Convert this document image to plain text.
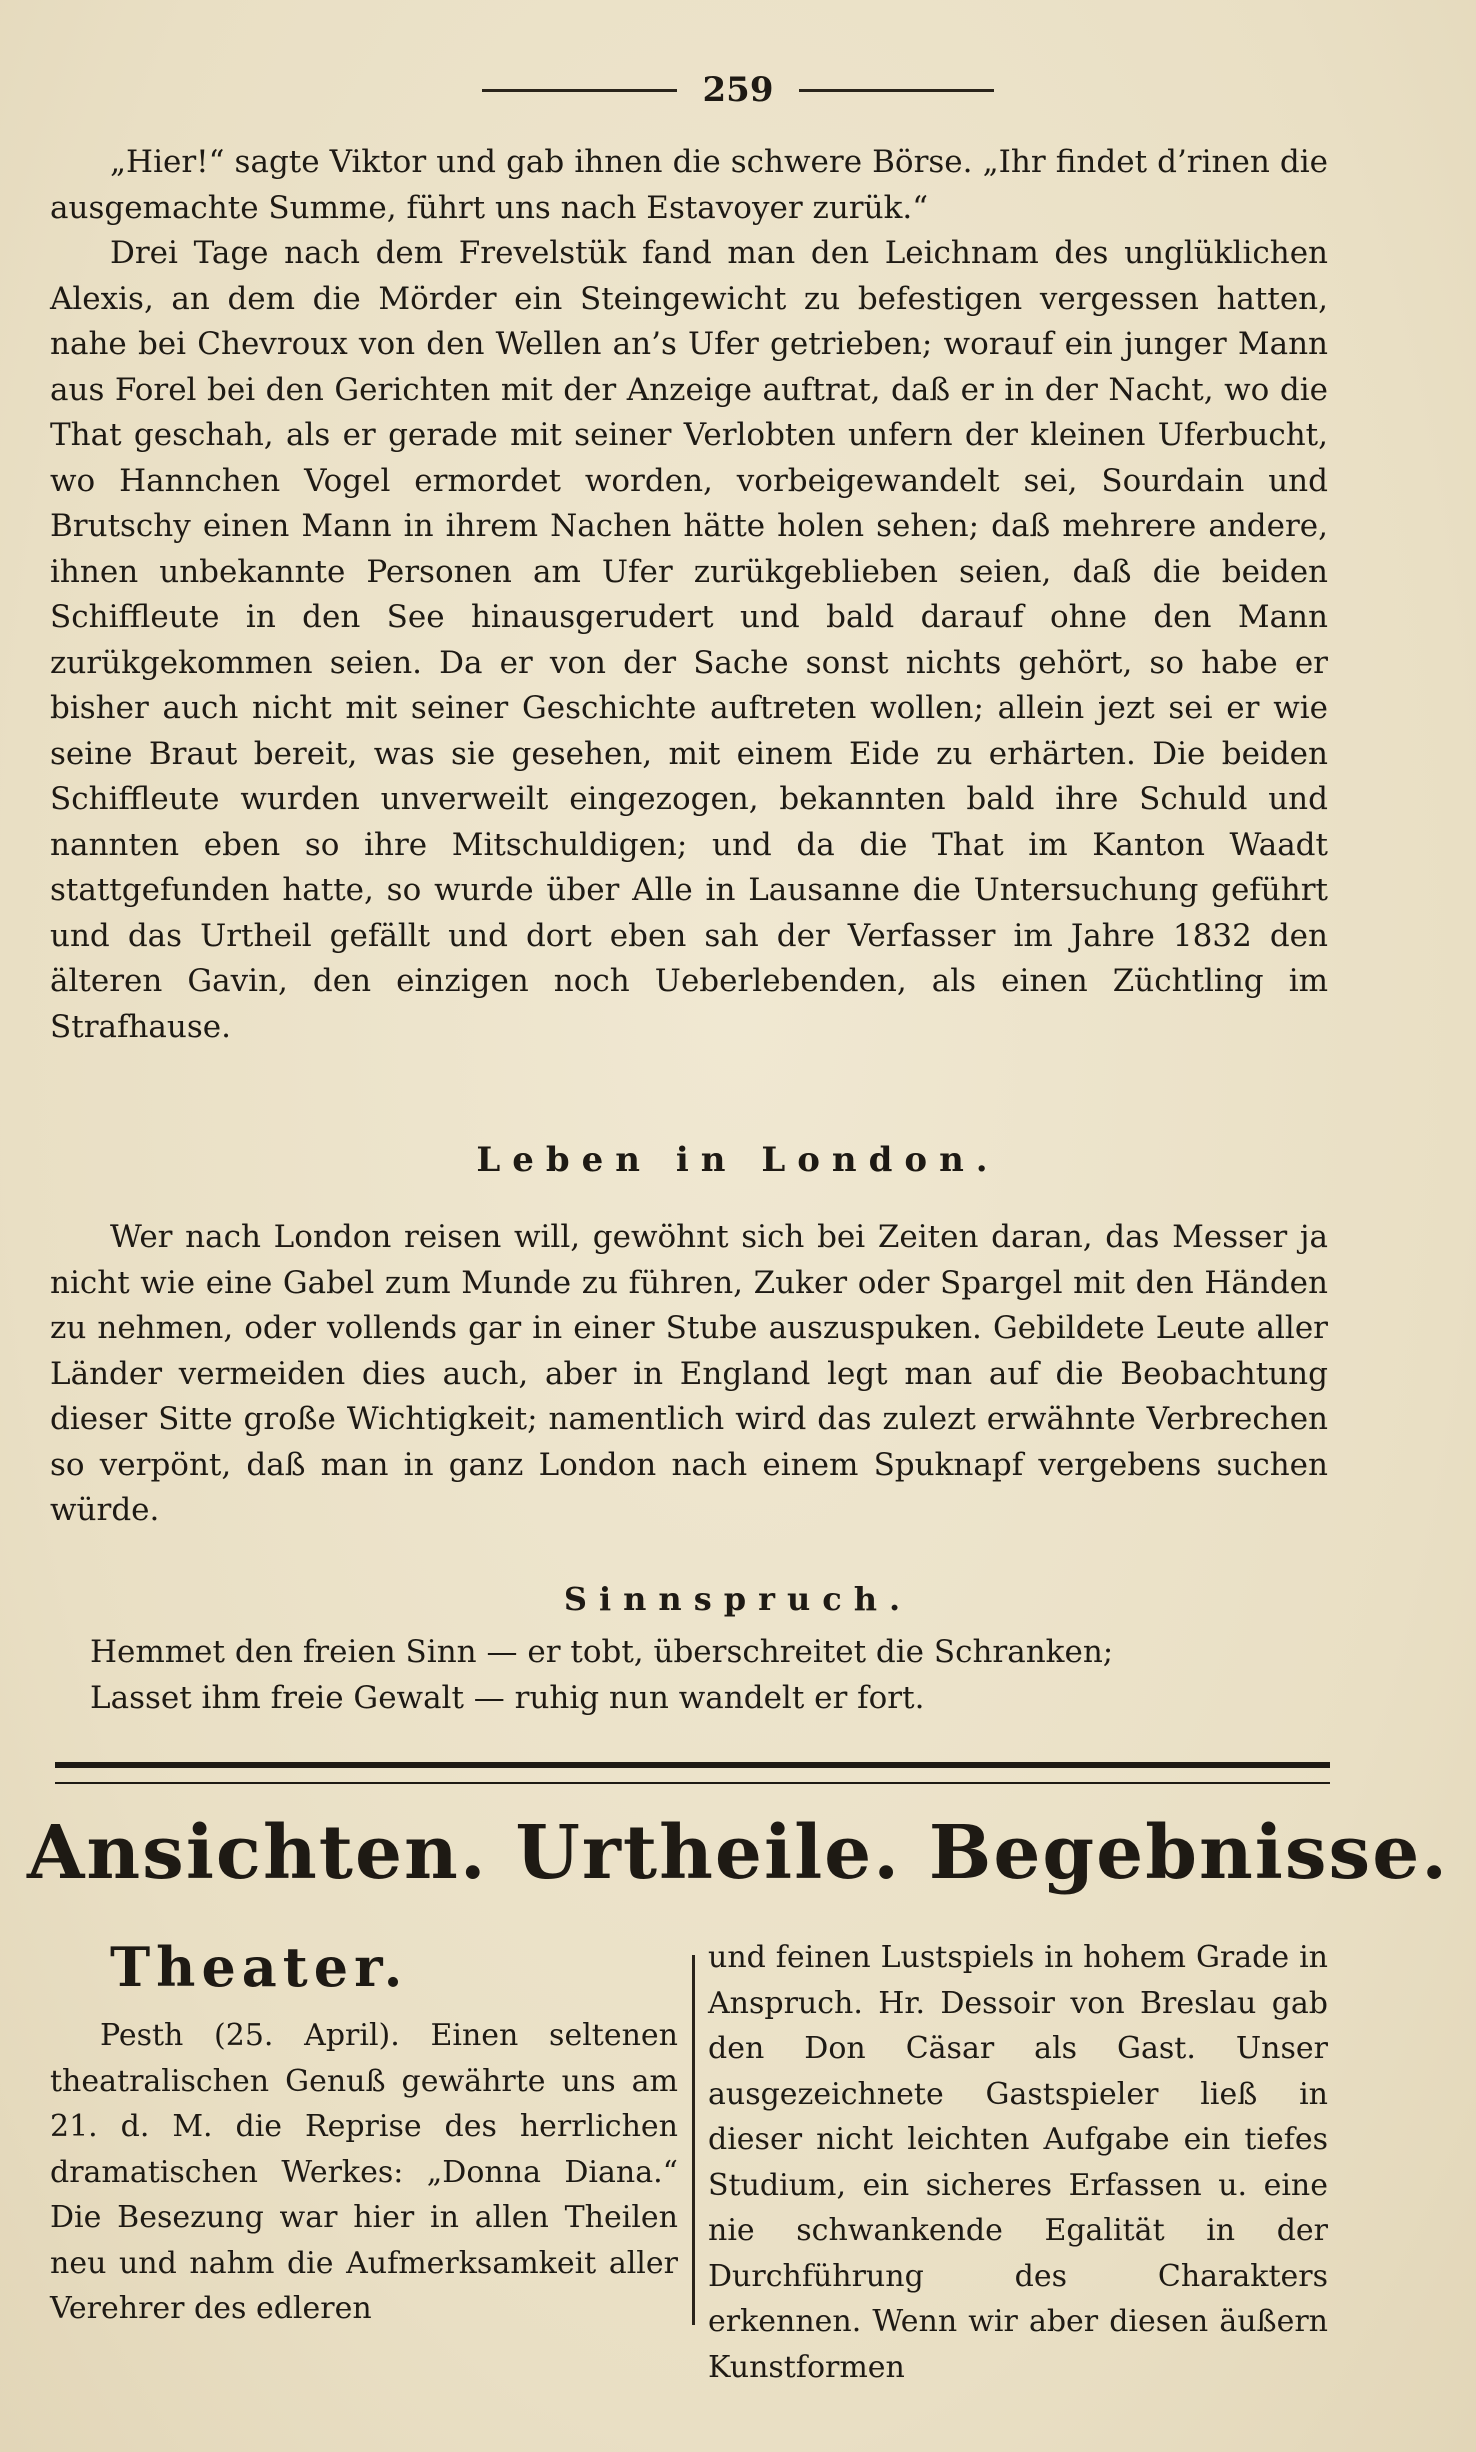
259

„Hier!“ sagte Viktor und gab ihnen die schwere Börse. „Ihr findet d’rinen die ausgemachte Summe, führt uns nach Estavoyer zurük.“

Drei Tage nach dem Frevelstük fand man den Leichnam des unglüklichen Alexis, an dem die Mörder ein Steingewicht zu befestigen vergessen hatten, nahe bei Chevroux von den Wellen an’s Ufer getrieben; worauf ein junger Mann aus Forel bei den Gerichten mit der Anzeige auftrat, daß er in der Nacht, wo die That geschah, als er gerade mit seiner Verlobten unfern der kleinen Uferbucht, wo Hannchen Vogel ermordet worden, vorbeigewandelt sei, Sourdain und Brutschy einen Mann in ihrem Nachen hätte holen sehen; daß mehrere andere, ihnen unbekannte Personen am Ufer zurükgeblieben seien, daß die beiden Schiffleute in den See hinausgerudert und bald darauf ohne den Mann zurükgekommen seien. Da er von der Sache sonst nichts gehört, so habe er bisher auch nicht mit seiner Geschichte auftreten wollen; allein jezt sei er wie seine Braut bereit, was sie gesehen, mit einem Eide zu erhärten. Die beiden Schiffleute wurden unverweilt eingezogen, bekannten bald ihre Schuld und nannten eben so ihre Mitschuldigen; und da die That im Kanton Waadt stattgefunden hatte, so wurde über Alle in Lausanne die Untersuchung geführt und das Urtheil gefällt und dort eben sah der Verfasser im Jahre 1832 den älteren Gavin, den einzigen noch Ueberlebenden, als einen Züchtling im Strafhause.

Leben in London.

Wer nach London reisen will, gewöhnt sich bei Zeiten daran, das Messer ja nicht wie eine Gabel zum Munde zu führen, Zuker oder Spargel mit den Händen zu nehmen, oder vollends gar in einer Stube auszuspuken. Gebildete Leute aller Länder vermeiden dies auch, aber in England legt man auf die Beobachtung dieser Sitte große Wichtigkeit; namentlich wird das zulezt erwähnte Verbrechen so verpönt, daß man in ganz London nach einem Spuknapf vergebens suchen würde.

Sinnspruch.
Hemmet den freien Sinn — er tobt, überschreitet die Schranken;
Lasset ihm freie Gewalt — ruhig nun wandelt er fort.
Ansichten. Urtheile. Begebnisse.
Theater.

Pesth (25. April). Einen seltenen theatralischen Genuß gewährte uns am 21. d. M. die Reprise des herrlichen dramatischen Werkes: „Donna Diana.“ Die Besezung war hier in allen Theilen neu und nahm die Aufmerksamkeit aller Verehrer des edleren

und feinen Lustspiels in hohem Grade in Anspruch. Hr. Dessoir von Breslau gab den Don Cäsar als Gast. Unser ausgezeichnete Gastspieler ließ in dieser nicht leichten Aufgabe ein tiefes Studium, ein sicheres Erfassen u. eine nie schwankende Egalität in der Durchführung des Charakters erkennen. Wenn wir aber diesen äußern Kunstformen
